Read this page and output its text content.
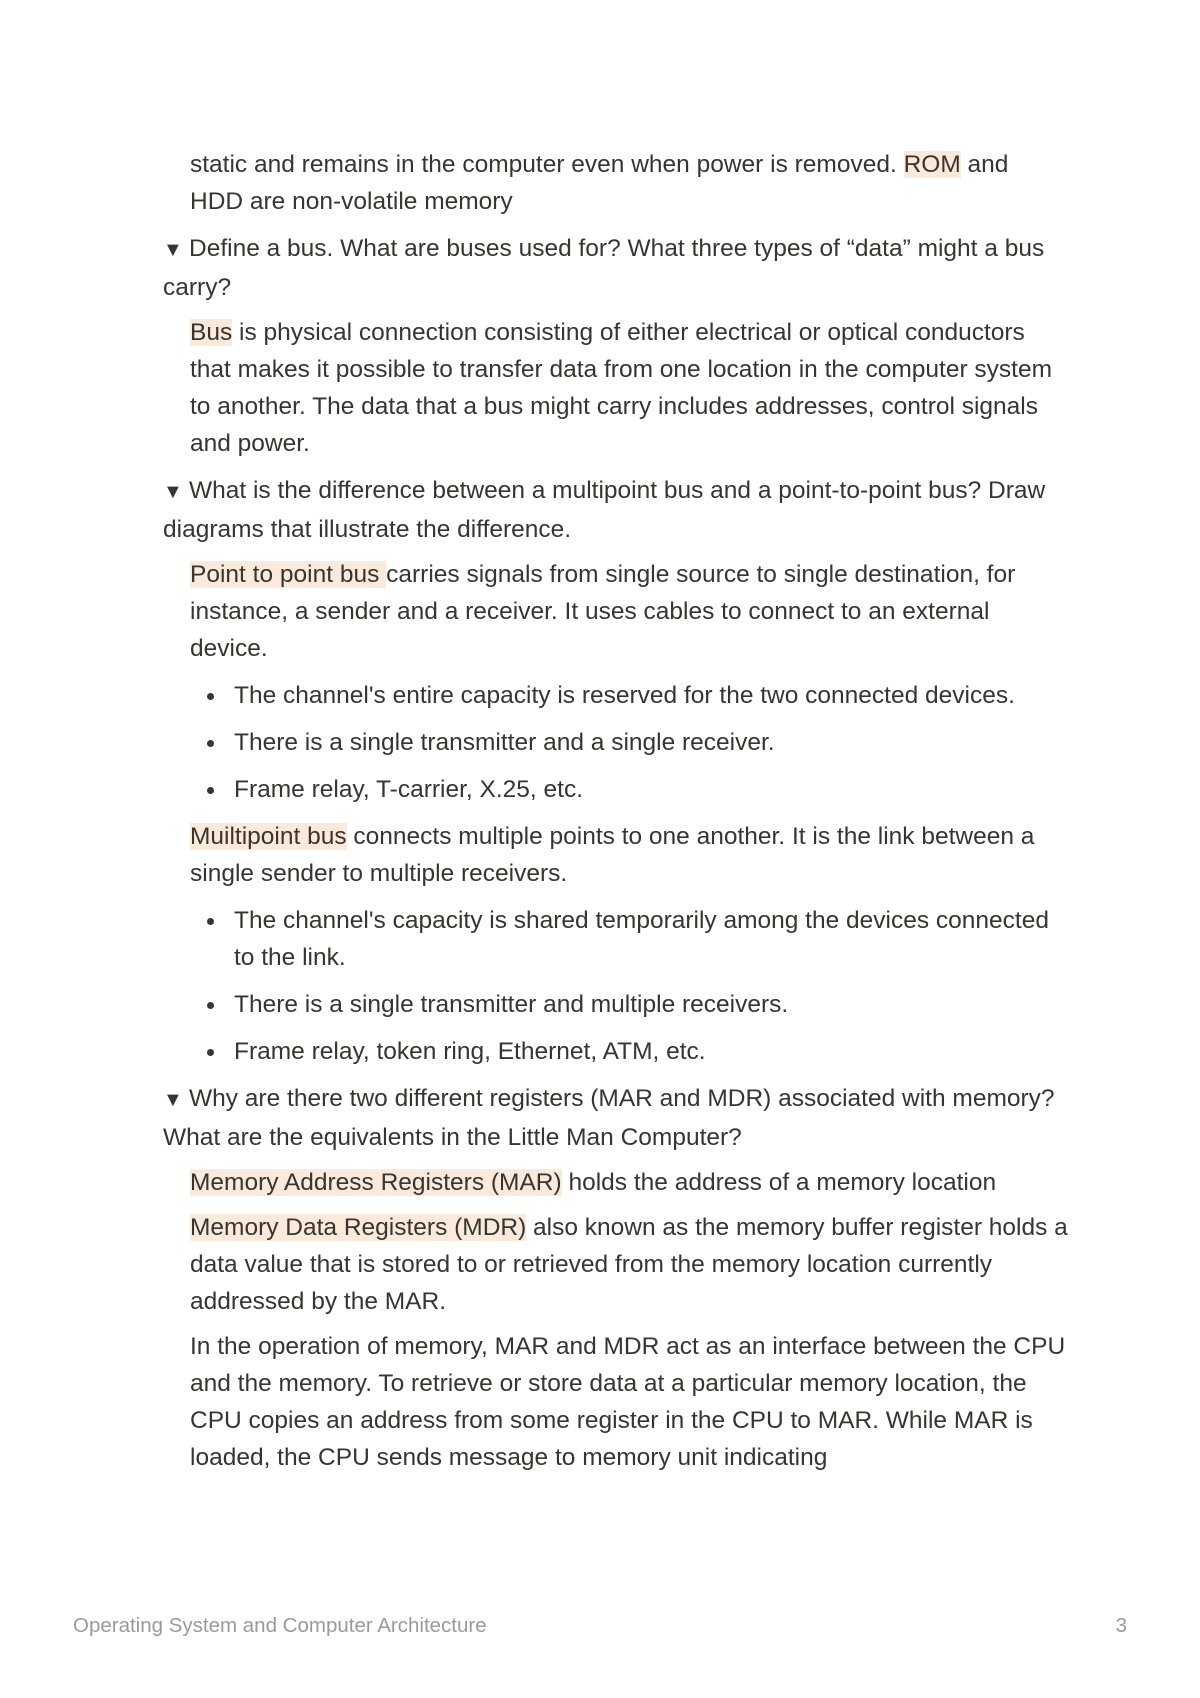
static and remains in the computer even when power is removed. ROM and HDD are non-volatile memory

▼ Define a bus. What are buses used for? What three types of “data” might a bus carry?

Bus is physical connection consisting of either electrical or optical conductors that makes it possible to transfer data from one location in the computer system to another. The data that a bus might carry includes addresses, control signals and power.

▼ What is the difference between a multipoint bus and a point-to-point bus? Draw diagrams that illustrate the difference.

Point to point bus carries signals from single source to single destination, for instance, a sender and a receiver. It uses cables to connect to an external device.

The channel's entire capacity is reserved for the two connected devices.
There is a single transmitter and a single receiver.
Frame relay, T-carrier, X.25, etc.

Muiltipoint bus connects multiple points to one another. It is the link between a single sender to multiple receivers.

The channel's capacity is shared temporarily among the devices connected to the link.
There is a single transmitter and multiple receivers.
Frame relay, token ring, Ethernet, ATM, etc.

▼ Why are there two different registers (MAR and MDR) associated with memory? What are the equivalents in the Little Man Computer?

Memory Address Registers (MAR) holds the address of a memory location

Memory Data Registers (MDR) also known as the memory buffer register holds a data value that is stored to or retrieved from the memory location currently addressed by the MAR.

In the operation of memory, MAR and MDR act as an interface between the CPU and the memory. To retrieve or store data at a particular memory location, the CPU copies an address from some register in the CPU to MAR. While MAR is loaded, the CPU sends message to memory unit indicating

Operating System and Computer Architecture	3
